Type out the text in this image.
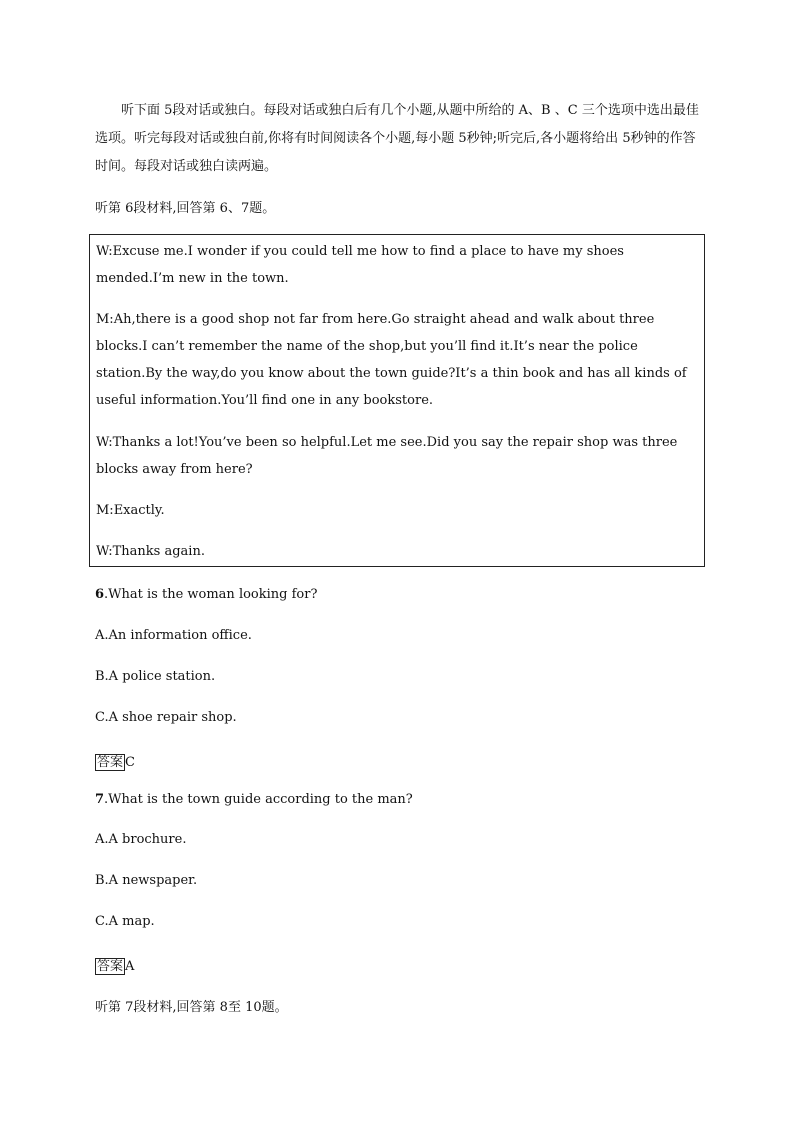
听下面 5段对话或独白。每段对话或独白后有几个小题,从题中所给的 A、B 、C 三个选项中选出最佳选项。听完每段对话或独白前,你将有时间阅读各个小题,每小题 5秒钟;听完后,各小题将给出 5秒钟的作答时间。每段对话或独白读两遍。

听第 6段材料,回答第 6、7题。
W:Excuse me.I wonder if you could tell me how to find a place to have my shoes mended.I’m new in the town.
M:Ah,there is a good shop not far from here.Go straight ahead and walk about three blocks.I can’t remember the name of the shop,but you’ll find it.It’s near the police station.By the way,do you know about the town guide?It’s a thin book and has all kinds of useful information.You’ll find one in any bookstore.
W:Thanks a lot!You’ve been so helpful.Let me see.Did you say the repair shop was three blocks away from here?
M:Exactly.
W:Thanks again.
6.What is the woman looking for?
A.An information office.
B.A police station.
C.A shoe repair shop.
答案 C
7.What is the town guide according to the man?
A.A brochure.
B.A newspaper.
C.A map.
答案 A
听第 7段材料,回答第 8至 10题。
